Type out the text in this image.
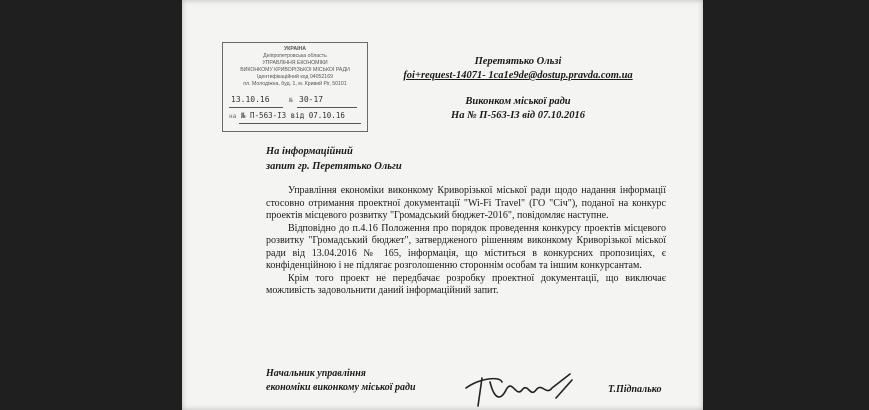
УКРАЇНА
Дніпропетровська область
УПРАВЛІННЯ ЕКОНОМІКИ
ВИКОНКОМУ КРИВОРІЗЬКОЇ МІСЬКОЇ РАДИ
Ідентифікаційний код 04052169
пл. Молодіжна, буд. 1, м. Кривий Ріг, 50101
13.10.16	№ 30-17
на № П-563-ІЗ від 07.10.16
Перетятько Ользі
foi+request-14071- 1ca1e9de@dostup.pravda.com.ua
Виконком міської ради
На № П-563-ІЗ від 07.10.2016
На інформаційний
запит гр. Перетятько Ольги

Управління економіки виконкому Криворізької міської ради щодо надання інформації стосовно отримання проектної документації "Wi-Fi Travel" (ГО "Січ"), поданої на конкурс проектів місцевого розвитку "Громадський бюджет-2016", повідомляє наступне.

Відповідно до п.4.16 Положення про порядок проведення конкурсу проектів місцевого розвитку "Громадський бюджет", затвердженого рішенням виконкому Криворізької міської ради від 13.04.2016 № 165, інформація, що міститься в конкурсних пропозиціях, є конфіденційною і не підлягає розголошенню стороннім особам та іншим конкурсантам.

Крім того проект не передбачає розробку проектної документації, що виключає можливість задовольнити даний інформаційний запит.

Начальник управління
економіки виконкому міської ради	Т.Підпалько
